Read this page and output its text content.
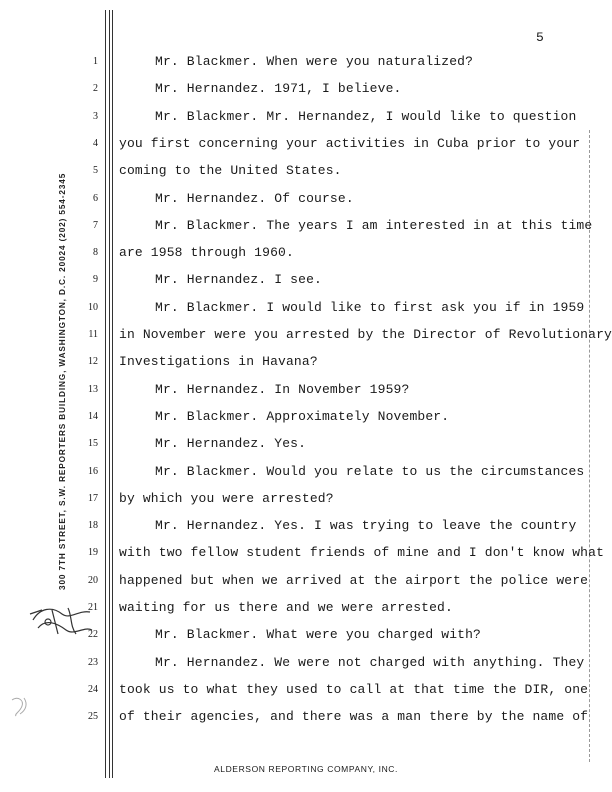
5
300 7TH STREET, S.W. REPORTERS BUILDING, WASHINGTON, D.C. 20024 (202) 554-2345
1	Mr. Blackmer. When were you naturalized?
2	Mr. Hernandez. 1971, I believe.
3	Mr. Blackmer. Mr. Hernandez, I would like to question
4 you first concerning your activities in Cuba prior to your
5 coming to the United States.
6	Mr. Hernandez. Of course.
7	Mr. Blackmer. The years I am interested in at this time
8 are 1958 through 1960.
9	Mr. Hernandez. I see.
10	Mr. Blackmer. I would like to first ask you if in 1959
11 in November were you arrested by the Director of Revolutionary
12 Investigations in Havana?
13	Mr. Hernandez. In November 1959?
14	Mr. Blackmer. Approximately November.
15	Mr. Hernandez. Yes.
16	Mr. Blackmer. Would you relate to us the circumstances
17 by which you were arrested?
18	Mr. Hernandez. Yes. I was trying to leave the country
19 with two fellow student friends of mine and I don't know what
20 happened but when we arrived at the airport the police were
21 waiting for us there and we were arrested.
22	Mr. Blackmer. What were you charged with?
23	Mr. Hernandez. We were not charged with anything. They
24 took us to what they used to call at that time the DIR, one
25 of their agencies, and there was a man there by the name of
ALDERSON REPORTING COMPANY, INC.
